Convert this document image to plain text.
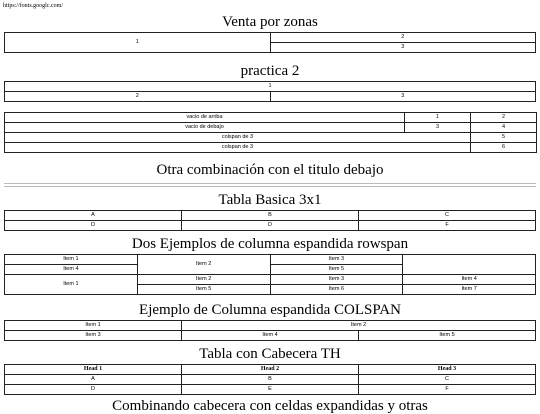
https://fonts.googlc.com/
Venta por zonas
1	2
3
practica 2
1
2	3
vacio de arriba	1	2
vacio de debajo	3	4
colspan de 3		5
colspan de 3		6
Otra combinación con el titulo debajo
Tabla Basica 3x1
A	B	C
D	D	F
Dos Ejemplos de columna espandida rowspan
Item 1	Item 2	Item 3	
Item 4		Item 5	
Item 1	Item 2	Item 3	Item 4
	Item 5	Item 6	Item 7
Ejemplo de Columna espandida COLSPAN
Item 1	Item 2	
Item 3	Item 4	Item 5
Tabla con Cabecera TH
Head 1	Head 2	Head 3
A	B	C
D	E	F
Combinando cabecera con celdas expandidas y otras
